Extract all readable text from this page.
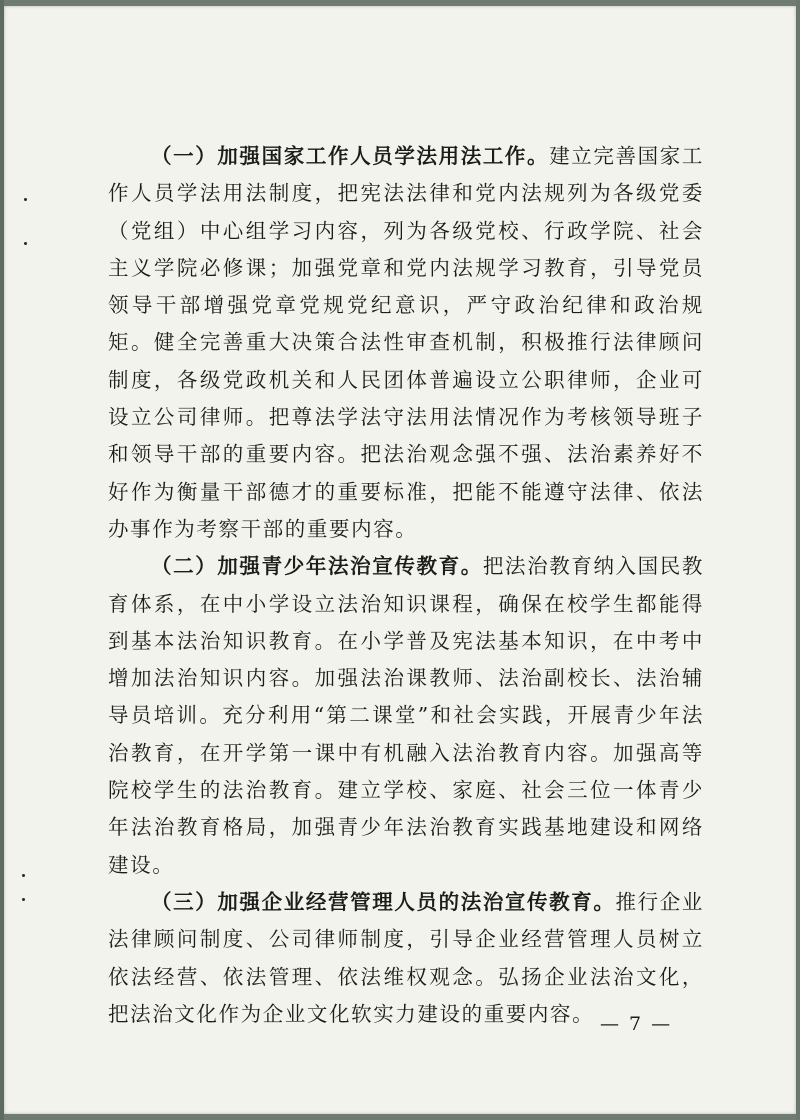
（一）加强国家工作人员学法用法工作。建立完善国家工作人员学法用法制度，把宪法法律和党内法规列为各级党委（党组）中心组学习内容，列为各级党校、行政学院、社会主义学院必修课；加强党章和党内法规学习教育，引导党员领导干部增强党章党规党纪意识，严守政治纪律和政治规矩。健全完善重大决策合法性审查机制，积极推行法律顾问制度，各级党政机关和人民团体普遍设立公职律师，企业可设立公司律师。把尊法学法守法用法情况作为考核领导班子和领导干部的重要内容。把法治观念强不强、法治素养好不好作为衡量干部德才的重要标准，把能不能遵守法律、依法办事作为考察干部的重要内容。

（二）加强青少年法治宣传教育。把法治教育纳入国民教育体系，在中小学设立法治知识课程，确保在校学生都能得到基本法治知识教育。在小学普及宪法基本知识，在中考中增加法治知识内容。加强法治课教师、法治副校长、法治辅导员培训。充分利用“第二课堂”和社会实践，开展青少年法治教育，在开学第一课中有机融入法治教育内容。加强高等院校学生的法治教育。建立学校、家庭、社会三位一体青少年法治教育格局，加强青少年法治教育实践基地建设和网络建设。

（三）加强企业经营管理人员的法治宣传教育。推行企业法律顾问制度、公司律师制度，引导企业经营管理人员树立依法经营、依法管理、依法维权观念。弘扬企业法治文化，把法治文化作为企业文化软实力建设的重要内容。 — 7 —
